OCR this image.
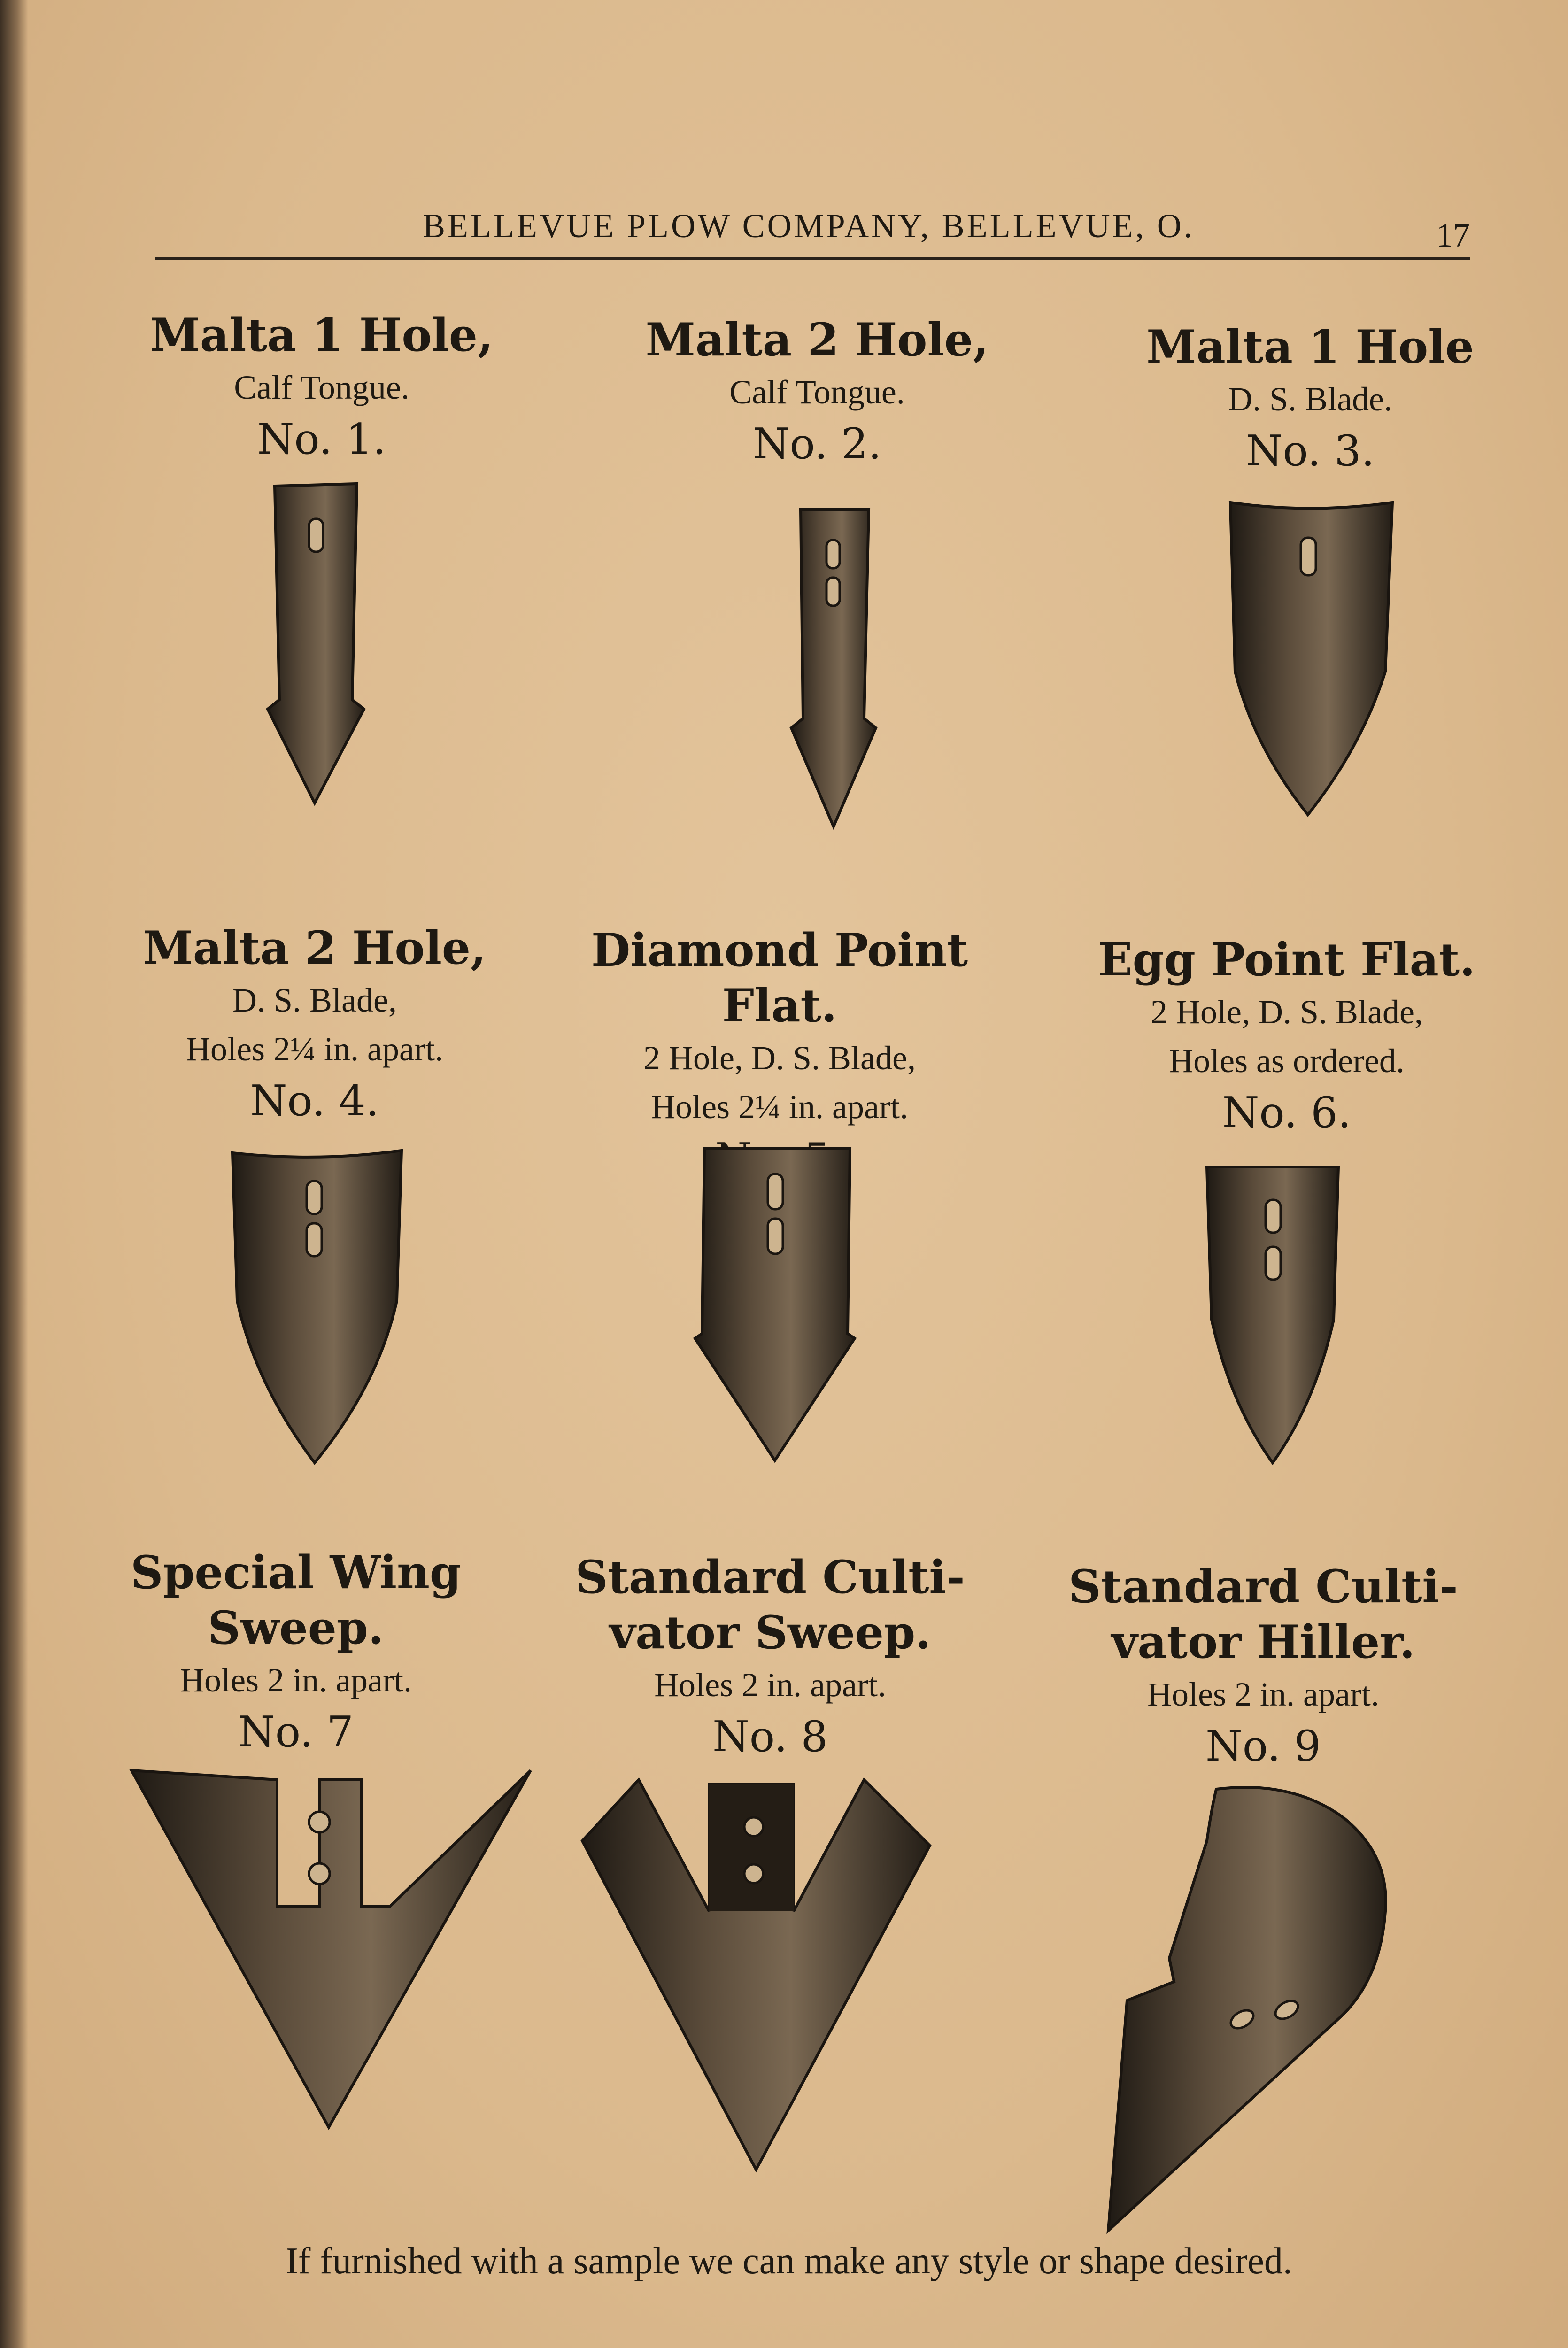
BELLEVUE PLOW COMPANY, BELLEVUE, O.	17
Malta 1 Hole,
Calf Tongue.
No. 1.
Malta 2 Hole,
Calf Tongue.
No. 2.
Malta 1 Hole
D. S. Blade.
No. 3.
Malta 2 Hole,
D. S. Blade,
Holes 2¼ in. apart.
No. 4.
Diamond Point Flat.
2 Hole, D. S. Blade,
Holes 2¼ in. apart.
Egg Point Flat.
2 Hole, D. S. Blade,
Holes as ordered.
No. 6.
Special Wing
Sweep.
Holes 2 in. apart.
No. 7
Standard Culti-
vator Sweep.
Holes 2 in. apart.
No. 8
Standard Culti-
vator Hiller.
Holes 2 in. apart.
No. 9
If furnished with a sample we can make any style or shape desired.
